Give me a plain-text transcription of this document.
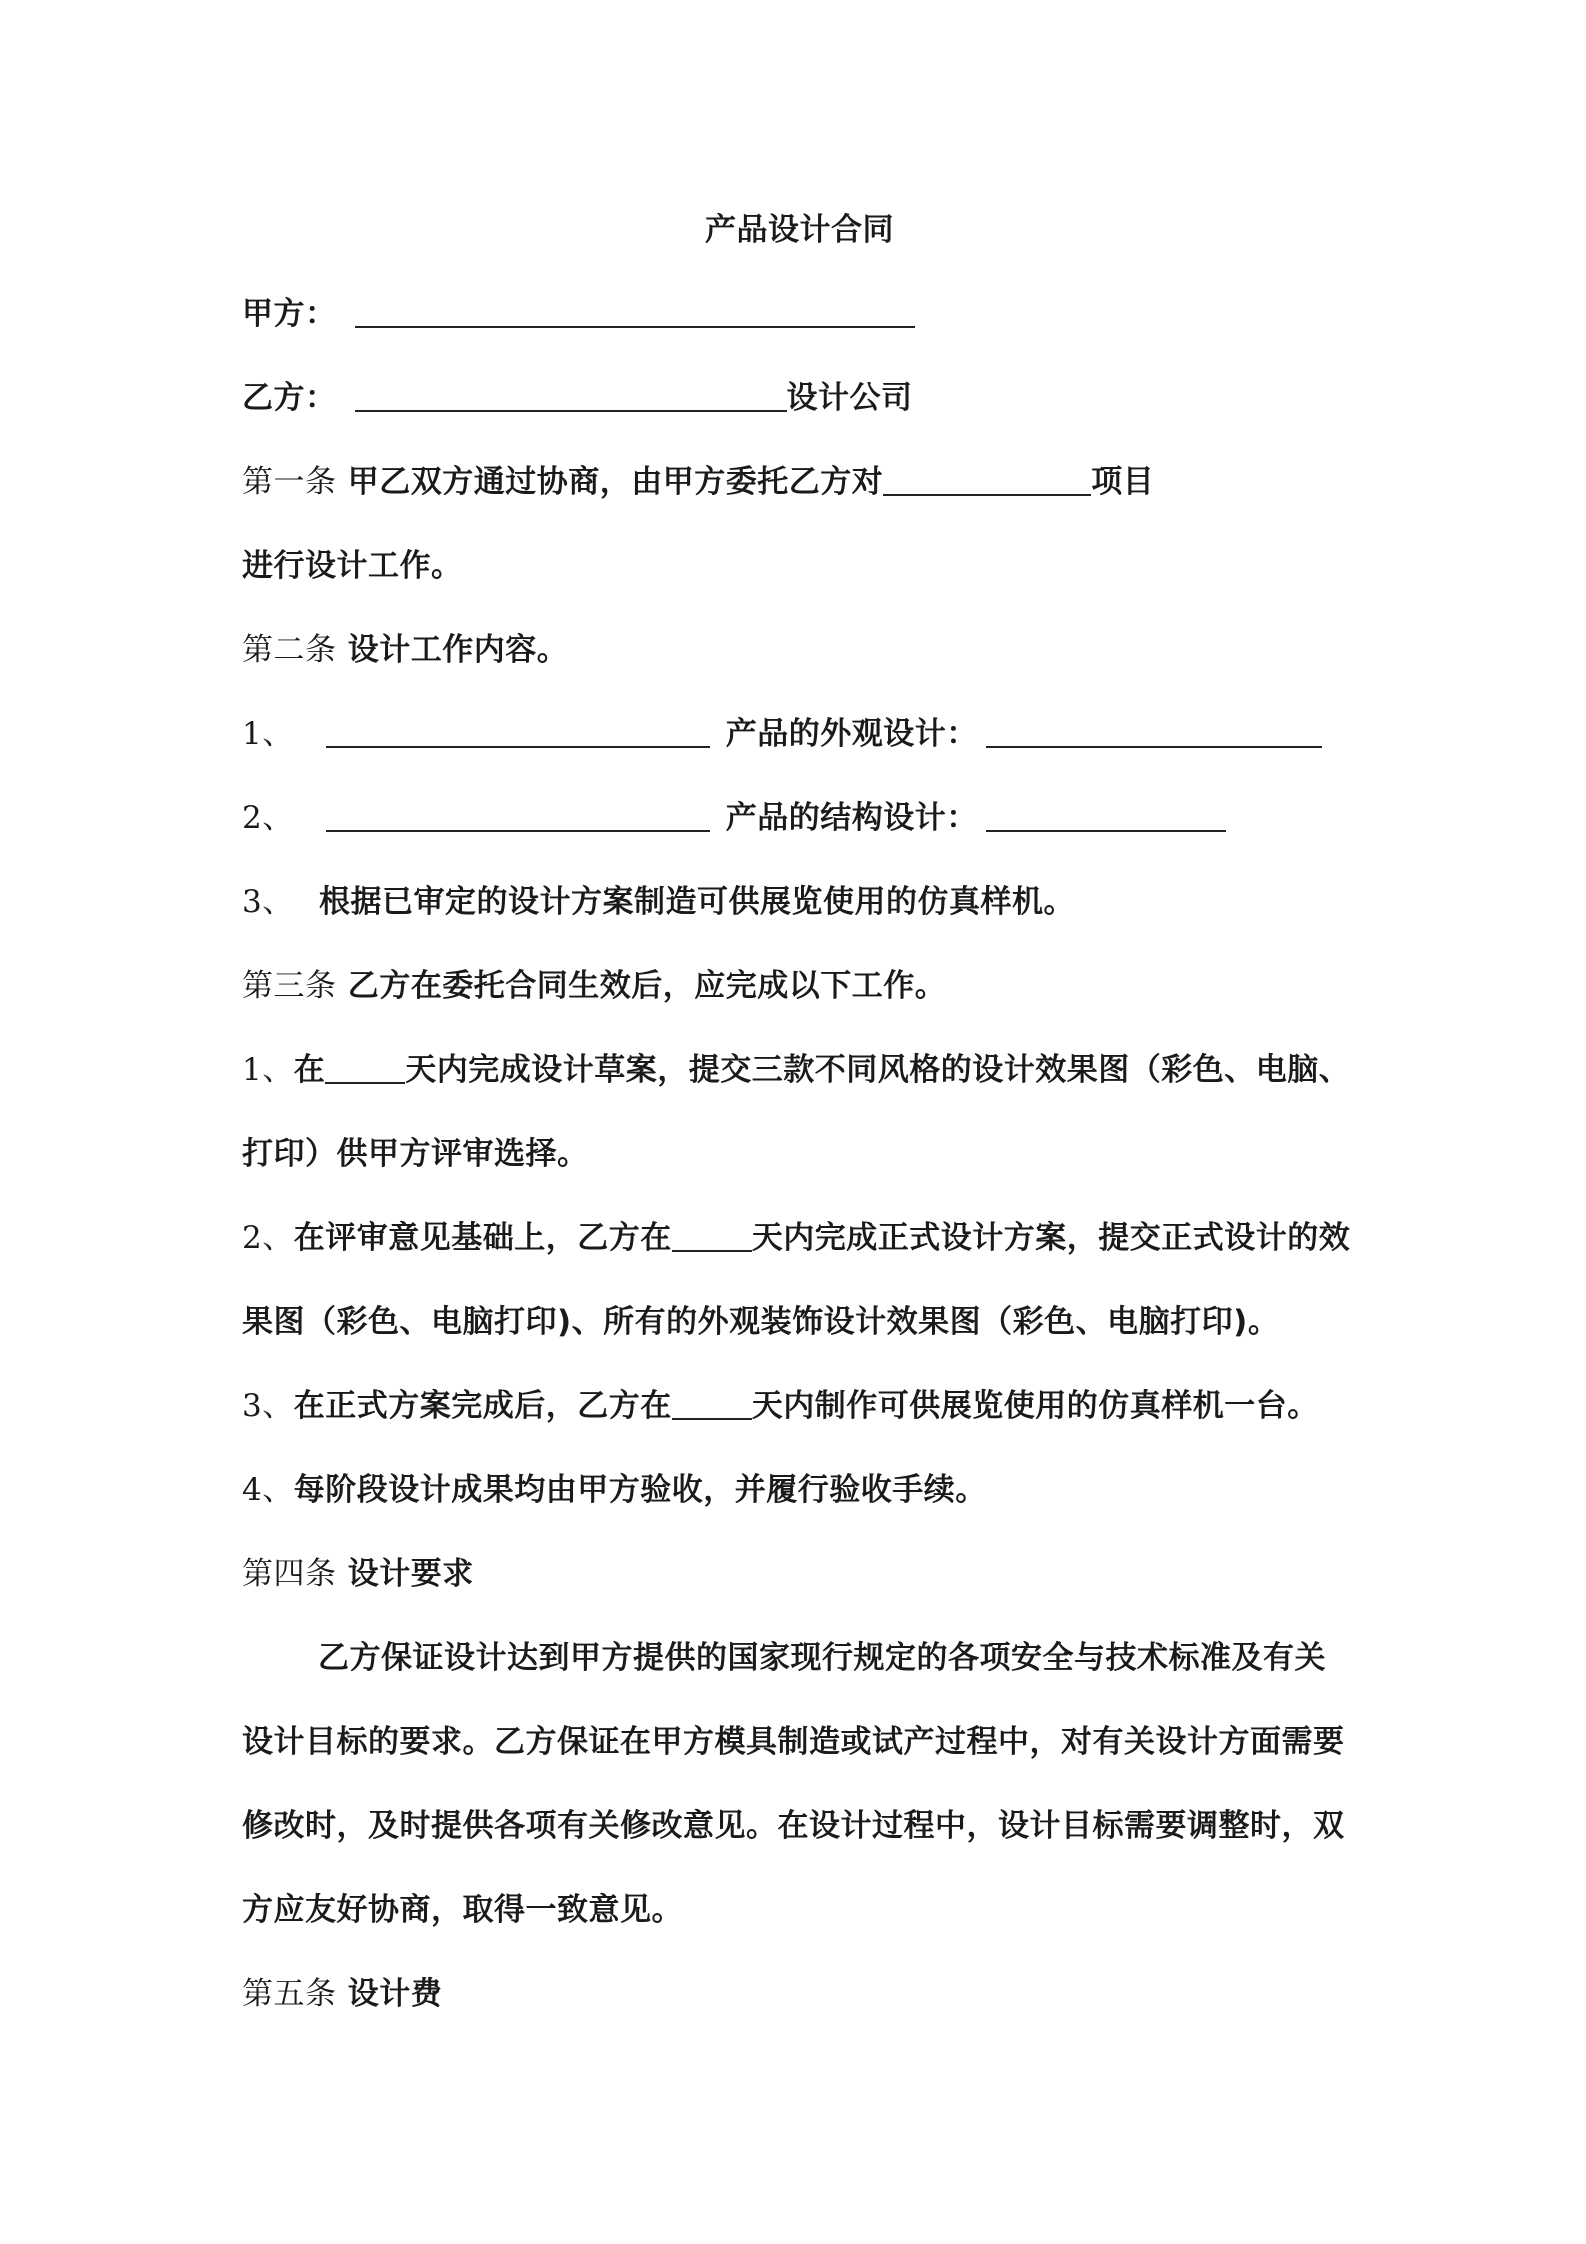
产品设计合同
甲方：
乙方：	设计公司
第一条 甲乙双方通过协商，由甲方委托乙方对	项目
进行设计工作。
第二条 设计工作内容。
1、	产品的外观设计：
2、	产品的结构设计：
3、 根据已审定的设计方案制造可供展览使用的仿真样机。
第三条 乙方在委托合同生效后，应完成以下工作。
1、在	天内完成设计草案，提交三款不同风格的设计效果图（彩色、电脑、
打印）供甲方评审选择。
2、在评审意见基础上，乙方在	天内完成正式设计方案，提交正式设计的效
果图（彩色、电脑打印)、所有的外观装饰设计效果图（彩色、电脑打印)。
3、在正式方案完成后，乙方在	天内制作可供展览使用的仿真样机一台。
4、每阶段设计成果均由甲方验收，并履行验收手续。
第四条 设计要求
乙方保证设计达到甲方提供的国家现行规定的各项安全与技术标准及有关
设计目标的要求。乙方保证在甲方模具制造或试产过程中，对有关设计方面需要
修改时，及时提供各项有关修改意见。在设计过程中，设计目标需要调整时，双
方应友好协商，取得一致意见。
第五条 设计费
